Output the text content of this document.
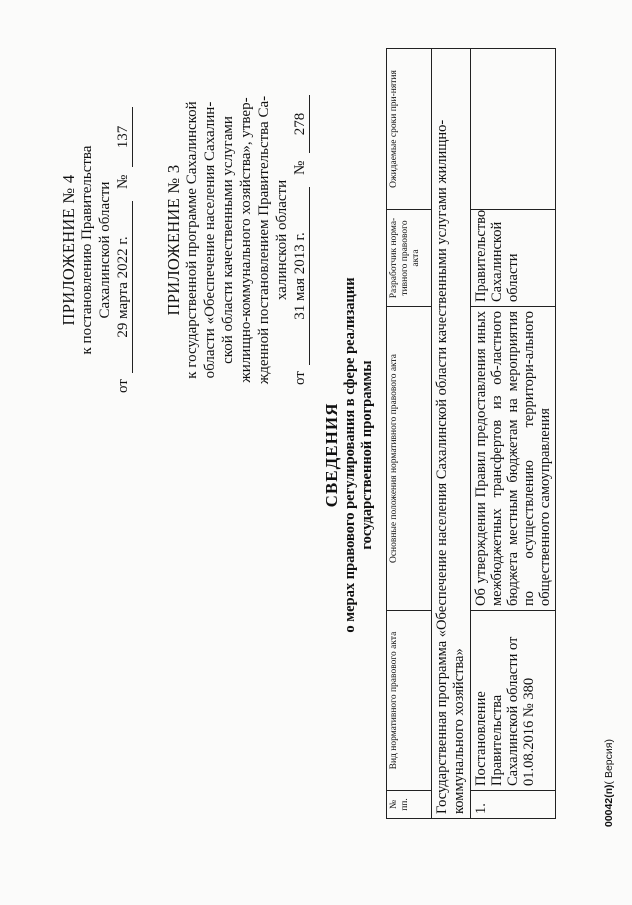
ПРИЛОЖЕНИЕ № 4 к постановлению Правительства Сахалинской области
от
29 марта 2022 г.
№
137
ПРИЛОЖЕНИЕ № 3 к государственной программе Сахалинской области «Обеспечение населения Сахалин- ской области качественными услугами жилищно-коммунального хозяйства», утвер- жденной постановлением Правительства Са- халинской области
от
31 мая 2013 г.
№
278
СВЕДЕНИЯ о мерах правового регулирования в сфере реализации государственной программы
№ пп.	Вид нормативного правового акта	Основные положения нормативного правового акта	Разработчик норма-тивного правового акта	Ожидаемые сроки при-нятия
Государственная программа «Обеспечение населения Сахалинской области качественными услугами жилищно-коммунального хозяйства»				
1.	Постановление Правительства Сахалинской области от 01.08.2016 № 380	Об утверждении Правил предоставления иных межбюджетных трансфертов из об-ластного бюджета местным бюджетам на мероприятия по осуществлению территори-ального общественного самоуправления	Правительство Сахалинской области	
00042(п)( Версия)
